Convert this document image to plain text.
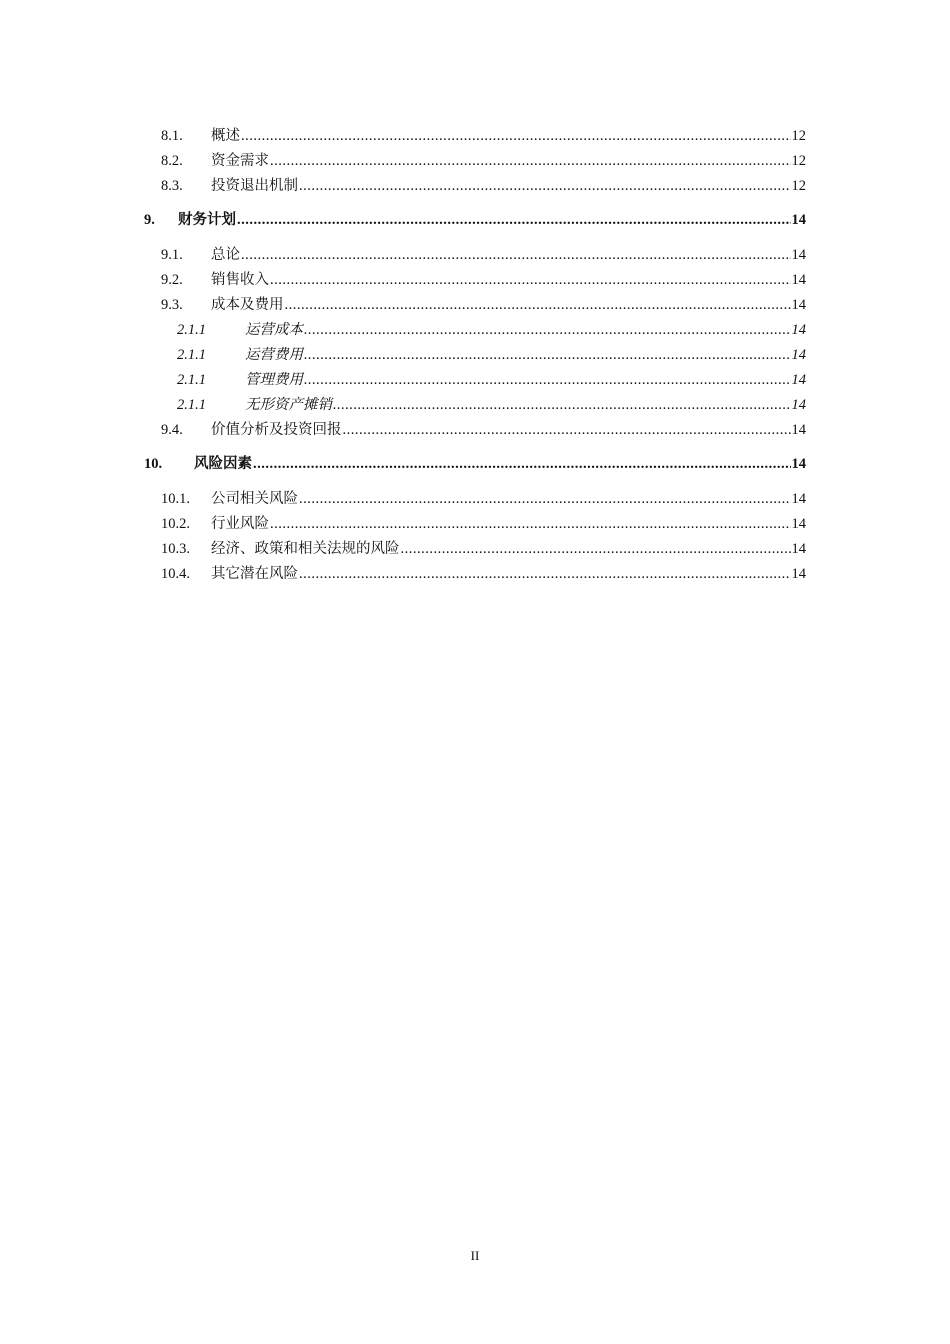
8.1. 概述 .....	12
8.2. 资金需求 .....	12
8.3. 投资退出机制 .....	12
9. 财务计划 .....	14
9.1. 总论 .....	14
9.2. 销售收入 .....	14
9.3. 成本及费用 .....	14
2.1.1	运营成本 .....	14
2.1.1	运营费用 .....	14
2.1.1	管理费用 .....	14
2.1.1	无形资产摊销 .....	14
9.4. 价值分析及投资回报 .....	14
10. 风险因素 .....	14
10.1. 公司相关风险 .....	14
10.2. 行业风险 .....	14
10.3. 经济、政策和相关法规的风险 .....	14
10.4. 其它潜在风险 .....	14
II
